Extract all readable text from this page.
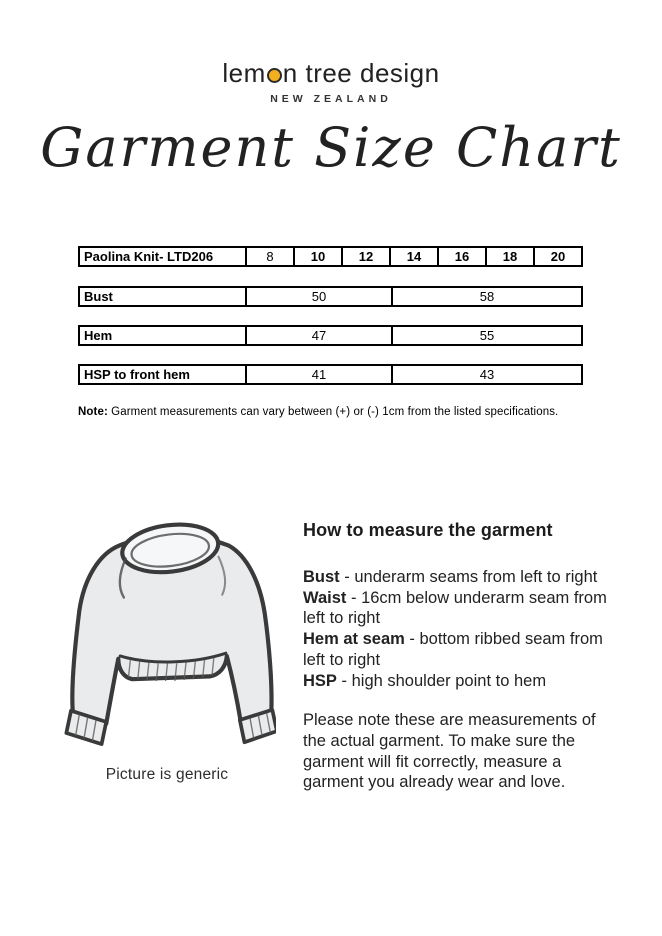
lem n tree design
NEW ZEALAND
Garment Size Chart
Paolina Knit- LTD206	8	10	12	14	16	18	20
Bust	50	58
Hem	47	55
HSP to front hem	41	43

Note: Garment measurements can vary between (+) or (-) 1cm from the listed specifications.

Picture is generic
How to measure the garment
Bust - underarm seams from left to right
Waist - 16cm below underarm seam from left to right
Hem at seam - bottom ribbed seam from left to right
HSP - high shoulder point to hem

Please note these are measurements of the actual garment. To make sure the garment will fit correctly, measure a garment you already wear and love.
